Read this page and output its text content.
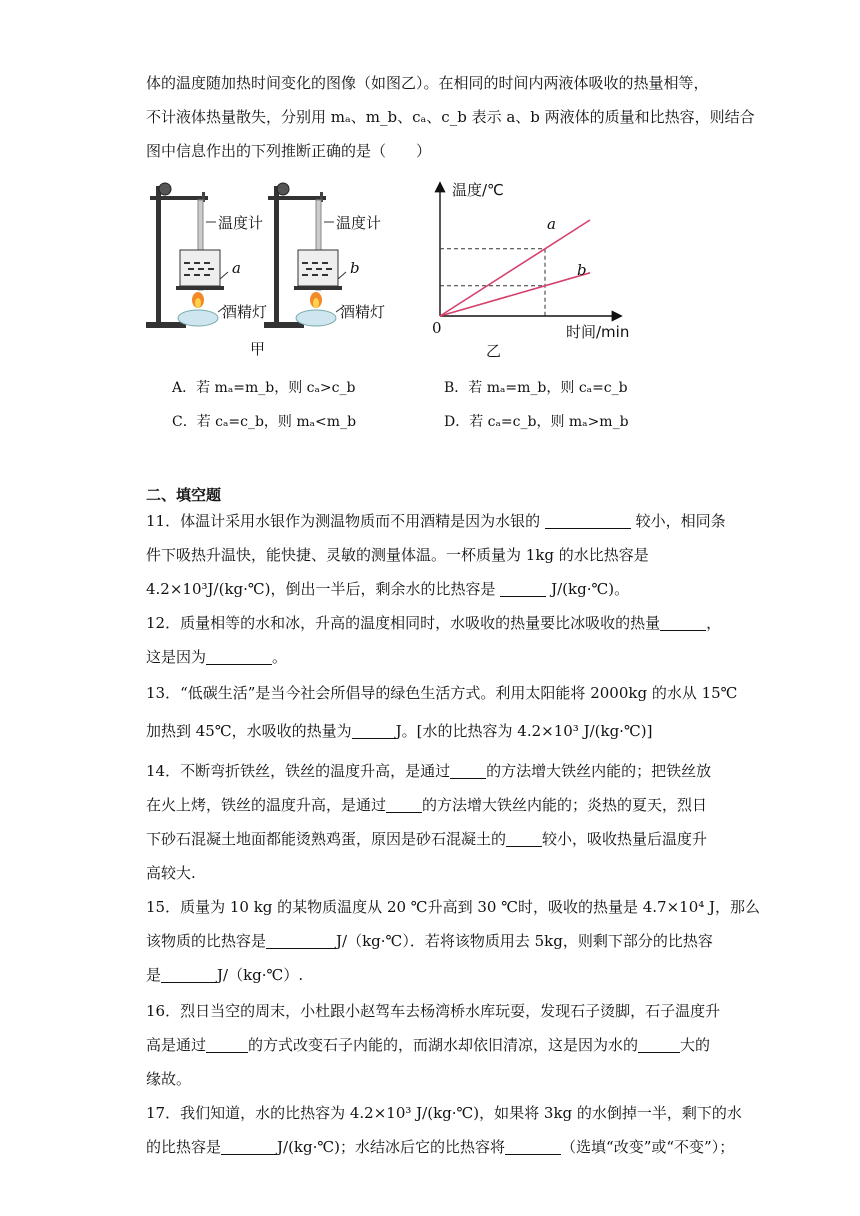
体的温度随加热时间变化的图像（如图乙）。在相同的时间内两液体吸收的热量相等，
不计液体热量散失，分别用 mₐ、m_b、cₐ、c_b 表示 a、b 两液体的质量和比热容，则结合
图中信息作出的下列推断正确的是（　　）
温度计	温度计
a	b
酒精灯	酒精灯
甲
温度/℃
时间/min
0
a
b
乙
A．若 mₐ=m_b，则 cₐ>c_b	B．若 mₐ=m_b，则 cₐ=c_b
C．若 cₐ=c_b，则 mₐ<m_b	D．若 cₐ=c_b，则 mₐ>m_b
二、填空题
11．体温计采用水银作为测温物质而不用酒精是因为水银的	较小，相同条
件下吸热升温快，能快捷、灵敏的测量体温。一杯质量为 1kg 的水比热容是
4.2×10³J/(kg·℃)，倒出一半后，剩余水的比热容是	J/(kg·℃)。
12．质量相等的水和冰，升高的温度相同时，水吸收的热量要比冰吸收的热量	，
这是因为	。
13．“低碳生活”是当今社会所倡导的绿色生活方式。利用太阳能将 2000kg 的水从 15℃
加热到 45℃，水吸收的热量为	J。[水的比热容为 4.2×10³ J/(kg·℃)]
14．不断弯折铁丝，铁丝的温度升高，是通过 的方法增大铁丝内能的；把铁丝放
在火上烤，铁丝的温度升高，是通过 的方法增大铁丝内能的；炎热的夏天，烈日
下砂石混凝土地面都能烫熟鸡蛋，原因是砂石混凝土的 较小，吸收热量后温度升
高较大.
15．质量为 10 kg 的某物质温度从 20 ℃升高到 30 ℃时，吸收的热量是 4.7×10⁴ J，那么
该物质的比热容是	J/（kg·℃）．若将该物质用去 5kg，则剩下部分的比热容
是	J/（kg·℃）.
16．烈日当空的周末，小杜跟小赵驾车去杨湾桥水库玩耍，发现石子烫脚，石子温度升
高是通过	的方式改变石子内能的，而湖水却依旧清凉，这是因为水的	大的
缘故。
17．我们知道，水的比热容为 4.2×10³ J/(kg·℃)，如果将 3kg 的水倒掉一半，剩下的水
的比热容是	J/(kg·℃)；水结冰后它的比热容将	（选填“改变”或“不变”）；
